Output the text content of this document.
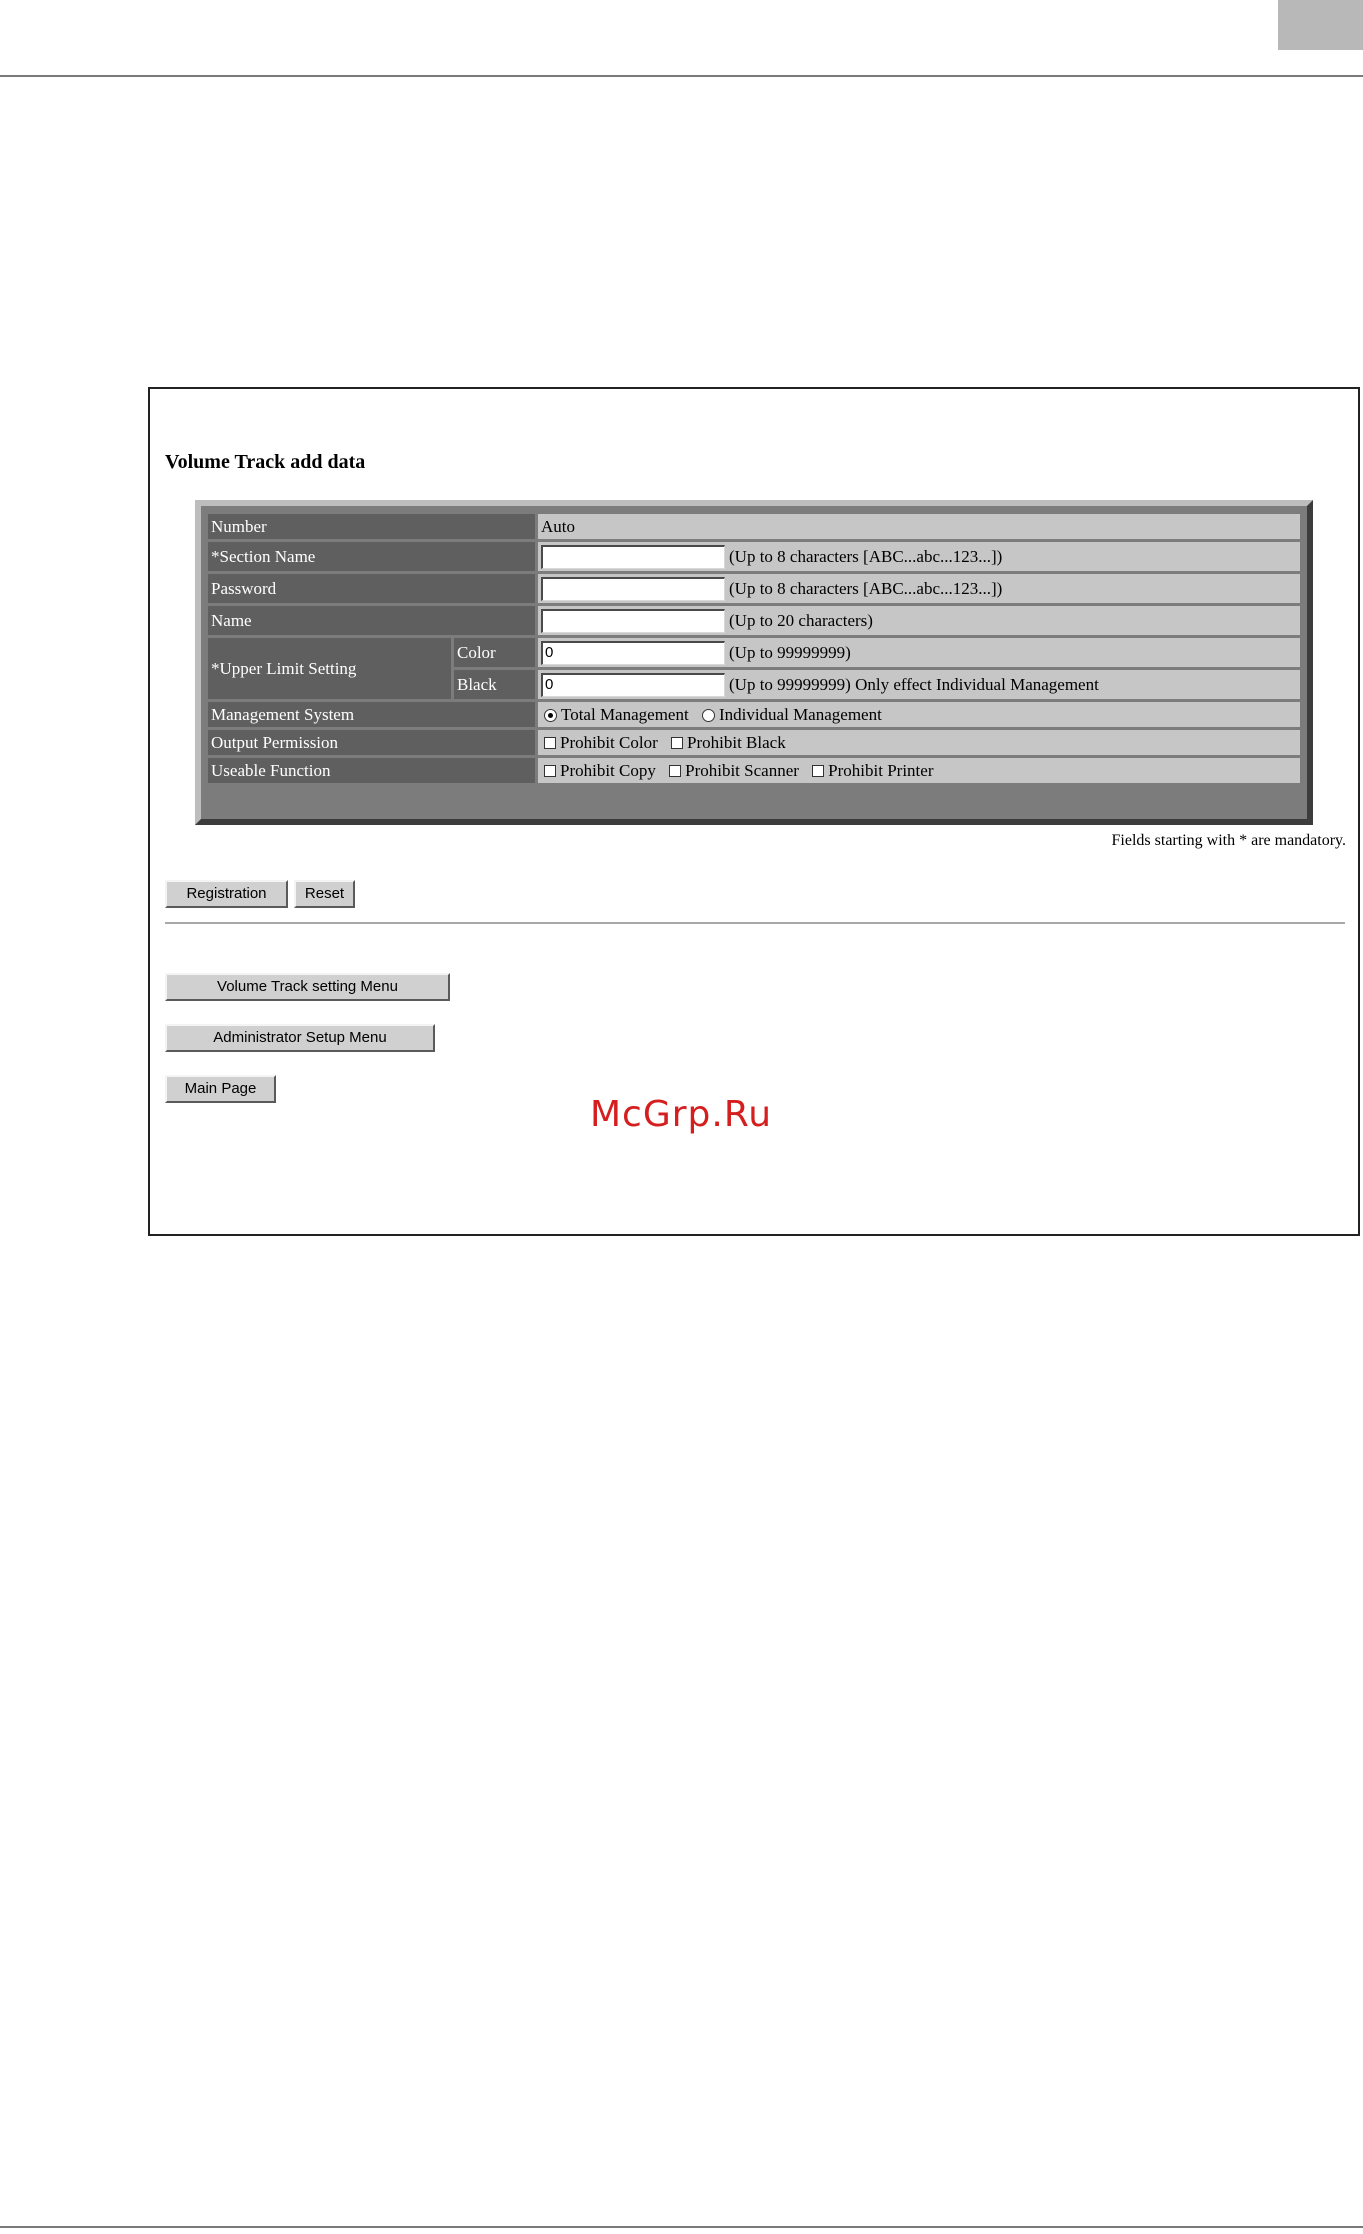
Volume Track add data
Number		Auto
*Section Name		(Up to 8 characters [ABC...abc...123...])
Password		(Up to 8 characters [ABC...abc...123...])
Name		(Up to 20 characters)
*Upper Limit Setting	Color	0 (Up to 99999999)
	Black	0 (Up to 99999999) Only effect Individual Management
Management System		Total Management Individual Management
Output Permission		Prohibit Color Prohibit Black
Useable Function		Prohibit Copy Prohibit Scanner Prohibit Printer
Fields starting with * are mandatory.
Registration	Reset
Volume Track setting Menu
Administrator Setup Menu
Main Page
McGrp.Ru
